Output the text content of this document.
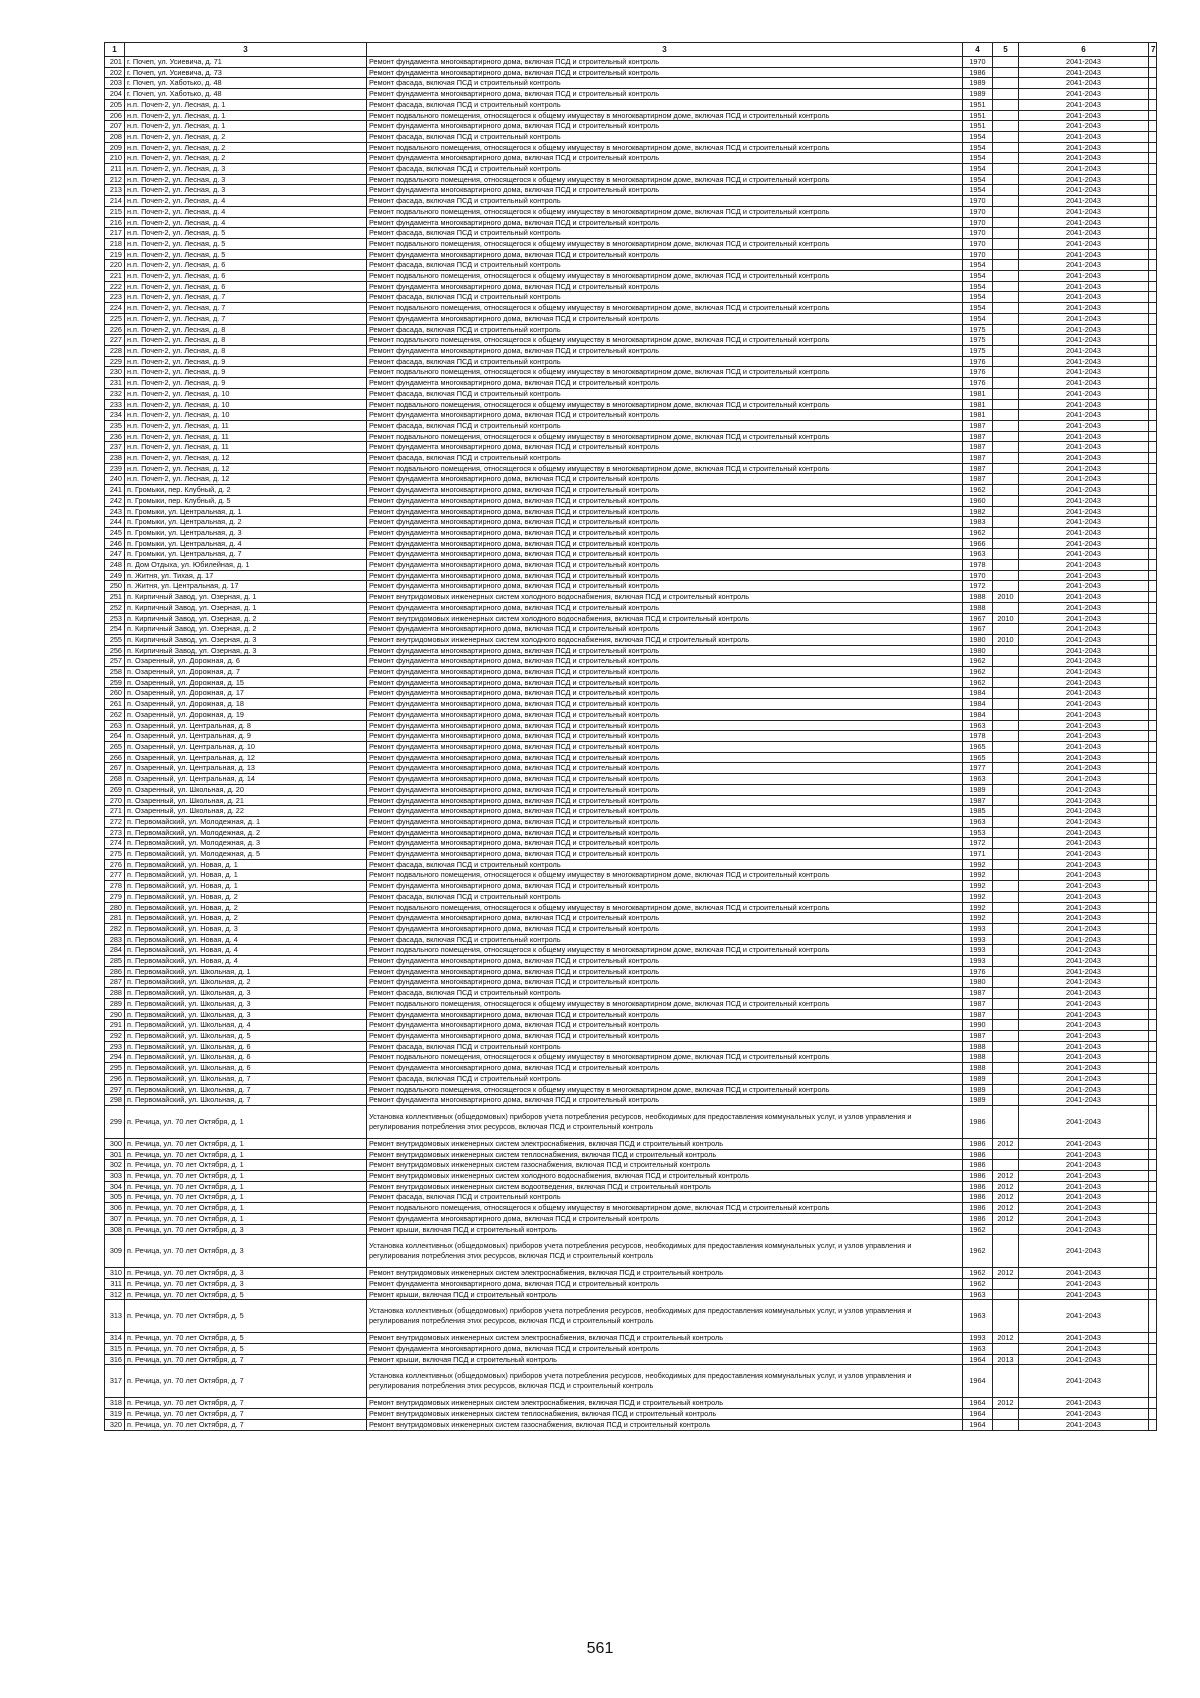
1	3	3	4	5	6	7
201	г. Почеп, ул. Усиевича, д. 71	Ремонт фундамента многоквартирного дома, включая ПСД и строительный контроль	1970		2041-2043	
202	г. Почеп, ул. Усиевича, д. 73	Ремонт фундамента многоквартирного дома, включая ПСД и строительный контроль	1986		2041-2043	
203	г. Почеп, ул. Хаботько, д. 48	Ремонт фасада, включая ПСД и строительный контроль	1989		2041-2043	
204	г. Почеп, ул. Хаботько, д. 48	Ремонт фундамента многоквартирного дома, включая ПСД и строительный контроль	1989		2041-2043	
205	н.п. Почеп-2, ул. Лесная, д. 1	Ремонт фасада, включая ПСД и строительный контроль	1951		2041-2043	
206	н.п. Почеп-2, ул. Лесная, д. 1	Ремонт подвального помещения, относящегося к общему имуществу в многоквартирном доме, включая ПСД и строительный контроль	1951		2041-2043	
207	н.п. Почеп-2, ул. Лесная, д. 1	Ремонт фундамента многоквартирного дома, включая ПСД и строительный контроль	1951		2041-2043	
208	н.п. Почеп-2, ул. Лесная, д. 2	Ремонт фасада, включая ПСД и строительный контроль	1954		2041-2043	
209	н.п. Почеп-2, ул. Лесная, д. 2	Ремонт подвального помещения, относящегося к общему имуществу в многоквартирном доме, включая ПСД и строительный контроль	1954		2041-2043	
210	н.п. Почеп-2, ул. Лесная, д. 2	Ремонт фундамента многоквартирного дома, включая ПСД и строительный контроль	1954		2041-2043	
211	н.п. Почеп-2, ул. Лесная, д. 3	Ремонт фасада, включая ПСД и строительный контроль	1954		2041-2043	
212	н.п. Почеп-2, ул. Лесная, д. 3	Ремонт подвального помещения, относящегося к общему имуществу в многоквартирном доме, включая ПСД и строительный контроль	1954		2041-2043	
213	н.п. Почеп-2, ул. Лесная, д. 3	Ремонт фундамента многоквартирного дома, включая ПСД и строительный контроль	1954		2041-2043	
214	н.п. Почеп-2, ул. Лесная, д. 4	Ремонт фасада, включая ПСД и строительный контроль	1970		2041-2043	
215	н.п. Почеп-2, ул. Лесная, д. 4	Ремонт подвального помещения, относящегося к общему имуществу в многоквартирном доме, включая ПСД и строительный контроль	1970		2041-2043	
216	н.п. Почеп-2, ул. Лесная, д. 4	Ремонт фундамента многоквартирного дома, включая ПСД и строительный контроль	1970		2041-2043	
217	н.п. Почеп-2, ул. Лесная, д. 5	Ремонт фасада, включая ПСД и строительный контроль	1970		2041-2043	
218	н.п. Почеп-2, ул. Лесная, д. 5	Ремонт подвального помещения, относящегося к общему имуществу в многоквартирном доме, включая ПСД и строительный контроль	1970		2041-2043	
219	н.п. Почеп-2, ул. Лесная, д. 5	Ремонт фундамента многоквартирного дома, включая ПСД и строительный контроль	1970		2041-2043	
220	н.п. Почеп-2, ул. Лесная, д. 6	Ремонт фасада, включая ПСД и строительный контроль	1954		2041-2043	
221	н.п. Почеп-2, ул. Лесная, д. 6	Ремонт подвального помещения, относящегося к общему имуществу в многоквартирном доме, включая ПСД и строительный контроль	1954		2041-2043	
222	н.п. Почеп-2, ул. Лесная, д. 6	Ремонт фундамента многоквартирного дома, включая ПСД и строительный контроль	1954		2041-2043	
223	н.п. Почеп-2, ул. Лесная, д. 7	Ремонт фасада, включая ПСД и строительный контроль	1954		2041-2043	
224	н.п. Почеп-2, ул. Лесная, д. 7	Ремонт подвального помещения, относящегося к общему имуществу в многоквартирном доме, включая ПСД и строительный контроль	1954		2041-2043	
225	н.п. Почеп-2, ул. Лесная, д. 7	Ремонт фундамента многоквартирного дома, включая ПСД и строительный контроль	1954		2041-2043	
226	н.п. Почеп-2, ул. Лесная, д. 8	Ремонт фасада, включая ПСД и строительный контроль	1975		2041-2043	
227	н.п. Почеп-2, ул. Лесная, д. 8	Ремонт подвального помещения, относящегося к общему имуществу в многоквартирном доме, включая ПСД и строительный контроль	1975		2041-2043	
228	н.п. Почеп-2, ул. Лесная, д. 8	Ремонт фундамента многоквартирного дома, включая ПСД и строительный контроль	1975		2041-2043	
229	н.п. Почеп-2, ул. Лесная, д. 9	Ремонт фасада, включая ПСД и строительный контроль	1976		2041-2043	
230	н.п. Почеп-2, ул. Лесная, д. 9	Ремонт подвального помещения, относящегося к общему имуществу в многоквартирном доме, включая ПСД и строительный контроль	1976		2041-2043	
231	н.п. Почеп-2, ул. Лесная, д. 9	Ремонт фундамента многоквартирного дома, включая ПСД и строительный контроль	1976		2041-2043	
232	н.п. Почеп-2, ул. Лесная, д. 10	Ремонт фасада, включая ПСД и строительный контроль	1981		2041-2043	
233	н.п. Почеп-2, ул. Лесная, д. 10	Ремонт подвального помещения, относящегося к общему имуществу в многоквартирном доме, включая ПСД и строительный контроль	1981		2041-2043	
234	н.п. Почеп-2, ул. Лесная, д. 10	Ремонт фундамента многоквартирного дома, включая ПСД и строительный контроль	1981		2041-2043	
235	н.п. Почеп-2, ул. Лесная, д. 11	Ремонт фасада, включая ПСД и строительный контроль	1987		2041-2043	
236	н.п. Почеп-2, ул. Лесная, д. 11	Ремонт подвального помещения, относящегося к общему имуществу в многоквартирном доме, включая ПСД и строительный контроль	1987		2041-2043	
237	н.п. Почеп-2, ул. Лесная, д. 11	Ремонт фундамента многоквартирного дома, включая ПСД и строительный контроль	1987		2041-2043	
238	н.п. Почеп-2, ул. Лесная, д. 12	Ремонт фасада, включая ПСД и строительный контроль	1987		2041-2043	
239	н.п. Почеп-2, ул. Лесная, д. 12	Ремонт подвального помещения, относящегося к общему имуществу в многоквартирном доме, включая ПСД и строительный контроль	1987		2041-2043	
240	н.п. Почеп-2, ул. Лесная, д. 12	Ремонт фундамента многоквартирного дома, включая ПСД и строительный контроль	1987		2041-2043	
241	п. Громыки, пер. Клубный, д. 2	Ремонт фундамента многоквартирного дома, включая ПСД и строительный контроль	1962		2041-2043	
242	п. Громыки, пер. Клубный, д. 5	Ремонт фундамента многоквартирного дома, включая ПСД и строительный контроль	1960		2041-2043	
243	п. Громыки, ул. Центральная, д. 1	Ремонт фундамента многоквартирного дома, включая ПСД и строительный контроль	1982		2041-2043	
244	п. Громыки, ул. Центральная, д. 2	Ремонт фундамента многоквартирного дома, включая ПСД и строительный контроль	1983		2041-2043	
245	п. Громыки, ул. Центральная, д. 3	Ремонт фундамента многоквартирного дома, включая ПСД и строительный контроль	1962		2041-2043	
246	п. Громыки, ул. Центральная, д. 4	Ремонт фундамента многоквартирного дома, включая ПСД и строительный контроль	1966		2041-2043	
247	п. Громыки, ул. Центральная, д. 7	Ремонт фундамента многоквартирного дома, включая ПСД и строительный контроль	1963		2041-2043	
248	п. Дом Отдыха, ул. Юбилейная, д. 1	Ремонт фундамента многоквартирного дома, включая ПСД и строительный контроль	1978		2041-2043	
249	п. Житня, ул. Тихая, д. 17	Ремонт фундамента многоквартирного дома, включая ПСД и строительный контроль	1970		2041-2043	
250	п. Житня, ул. Центральная, д. 17	Ремонт фундамента многоквартирного дома, включая ПСД и строительный контроль	1972		2041-2043	
251	п. Кирпичный Завод, ул. Озерная, д. 1	Ремонт внутридомовых инженерных систем холодного водоснабжения, включая ПСД и строительный контроль	1988	2010	2041-2043	
252	п. Кирпичный Завод, ул. Озерная, д. 1	Ремонт фундамента многоквартирного дома, включая ПСД и строительный контроль	1988		2041-2043	
253	п. Кирпичный Завод, ул. Озерная, д. 2	Ремонт внутридомовых инженерных систем холодного водоснабжения, включая ПСД и строительный контроль	1967	2010	2041-2043	
254	п. Кирпичный Завод, ул. Озерная, д. 2	Ремонт фундамента многоквартирного дома, включая ПСД и строительный контроль	1967		2041-2043	
255	п. Кирпичный Завод, ул. Озерная, д. 3	Ремонт внутридомовых инженерных систем холодного водоснабжения, включая ПСД и строительный контроль	1980	2010	2041-2043	
256	п. Кирпичный Завод, ул. Озерная, д. 3	Ремонт фундамента многоквартирного дома, включая ПСД и строительный контроль	1980		2041-2043	
257	п. Озаренный, ул. Дорожная, д. 6	Ремонт фундамента многоквартирного дома, включая ПСД и строительный контроль	1962		2041-2043	
258	п. Озаренный, ул. Дорожная, д. 7	Ремонт фундамента многоквартирного дома, включая ПСД и строительный контроль	1962		2041-2043	
259	п. Озаренный, ул. Дорожная, д. 15	Ремонт фундамента многоквартирного дома, включая ПСД и строительный контроль	1962		2041-2043	
260	п. Озаренный, ул. Дорожная, д. 17	Ремонт фундамента многоквартирного дома, включая ПСД и строительный контроль	1984		2041-2043	
261	п. Озаренный, ул. Дорожная, д. 18	Ремонт фундамента многоквартирного дома, включая ПСД и строительный контроль	1984		2041-2043	
262	п. Озаренный, ул. Дорожная, д. 19	Ремонт фундамента многоквартирного дома, включая ПСД и строительный контроль	1984		2041-2043	
263	п. Озаренный, ул. Центральная, д. 8	Ремонт фундамента многоквартирного дома, включая ПСД и строительный контроль	1963		2041-2043	
264	п. Озаренный, ул. Центральная, д. 9	Ремонт фундамента многоквартирного дома, включая ПСД и строительный контроль	1978		2041-2043	
265	п. Озаренный, ул. Центральная, д. 10	Ремонт фундамента многоквартирного дома, включая ПСД и строительный контроль	1965		2041-2043	
266	п. Озаренный, ул. Центральная, д. 12	Ремонт фундамента многоквартирного дома, включая ПСД и строительный контроль	1965		2041-2043	
267	п. Озаренный, ул. Центральная, д. 13	Ремонт фундамента многоквартирного дома, включая ПСД и строительный контроль	1977		2041-2043	
268	п. Озаренный, ул. Центральная, д. 14	Ремонт фундамента многоквартирного дома, включая ПСД и строительный контроль	1963		2041-2043	
269	п. Озаренный, ул. Школьная, д. 20	Ремонт фундамента многоквартирного дома, включая ПСД и строительный контроль	1989		2041-2043	
270	п. Озаренный, ул. Школьная, д. 21	Ремонт фундамента многоквартирного дома, включая ПСД и строительный контроль	1987		2041-2043	
271	п. Озаренный, ул. Школьная, д. 22	Ремонт фундамента многоквартирного дома, включая ПСД и строительный контроль	1985		2041-2043	
272	п. Первомайский, ул. Молодежная, д. 1	Ремонт фундамента многоквартирного дома, включая ПСД и строительный контроль	1963		2041-2043	
273	п. Первомайский, ул. Молодежная, д. 2	Ремонт фундамента многоквартирного дома, включая ПСД и строительный контроль	1953		2041-2043	
274	п. Первомайский, ул. Молодежная, д. 3	Ремонт фундамента многоквартирного дома, включая ПСД и строительный контроль	1972		2041-2043	
275	п. Первомайский, ул. Молодежная, д. 5	Ремонт фундамента многоквартирного дома, включая ПСД и строительный контроль	1971		2041-2043	
276	п. Первомайский, ул. Новая, д. 1	Ремонт фасада, включая ПСД и строительный контроль	1992		2041-2043	
277	п. Первомайский, ул. Новая, д. 1	Ремонт подвального помещения, относящегося к общему имуществу в многоквартирном доме, включая ПСД и строительный контроль	1992		2041-2043	
278	п. Первомайский, ул. Новая, д. 1	Ремонт фундамента многоквартирного дома, включая ПСД и строительный контроль	1992		2041-2043	
279	п. Первомайский, ул. Новая, д. 2	Ремонт фасада, включая ПСД и строительный контроль	1992		2041-2043	
280	п. Первомайский, ул. Новая, д. 2	Ремонт подвального помещения, относящегося к общему имуществу в многоквартирном доме, включая ПСД и строительный контроль	1992		2041-2043	
281	п. Первомайский, ул. Новая, д. 2	Ремонт фундамента многоквартирного дома, включая ПСД и строительный контроль	1992		2041-2043	
282	п. Первомайский, ул. Новая, д. 3	Ремонт фундамента многоквартирного дома, включая ПСД и строительный контроль	1993		2041-2043	
283	п. Первомайский, ул. Новая, д. 4	Ремонт фасада, включая ПСД и строительный контроль	1993		2041-2043	
284	п. Первомайский, ул. Новая, д. 4	Ремонт подвального помещения, относящегося к общему имуществу в многоквартирном доме, включая ПСД и строительный контроль	1993		2041-2043	
285	п. Первомайский, ул. Новая, д. 4	Ремонт фундамента многоквартирного дома, включая ПСД и строительный контроль	1993		2041-2043	
286	п. Первомайский, ул. Школьная, д. 1	Ремонт фундамента многоквартирного дома, включая ПСД и строительный контроль	1976		2041-2043	
287	п. Первомайский, ул. Школьная, д. 2	Ремонт фундамента многоквартирного дома, включая ПСД и строительный контроль	1980		2041-2043	
288	п. Первомайский, ул. Школьная, д. 3	Ремонт фасада, включая ПСД и строительный контроль	1987		2041-2043	
289	п. Первомайский, ул. Школьная, д. 3	Ремонт подвального помещения, относящегося к общему имуществу в многоквартирном доме, включая ПСД и строительный контроль	1987		2041-2043	
290	п. Первомайский, ул. Школьная, д. 3	Ремонт фундамента многоквартирного дома, включая ПСД и строительный контроль	1987		2041-2043	
291	п. Первомайский, ул. Школьная, д. 4	Ремонт фундамента многоквартирного дома, включая ПСД и строительный контроль	1990		2041-2043	
292	п. Первомайский, ул. Школьная, д. 5	Ремонт фундамента многоквартирного дома, включая ПСД и строительный контроль	1987		2041-2043	
293	п. Первомайский, ул. Школьная, д. 6	Ремонт фасада, включая ПСД и строительный контроль	1988		2041-2043	
294	п. Первомайский, ул. Школьная, д. 6	Ремонт подвального помещения, относящегося к общему имуществу в многоквартирном доме, включая ПСД и строительный контроль	1988		2041-2043	
295	п. Первомайский, ул. Школьная, д. 6	Ремонт фундамента многоквартирного дома, включая ПСД и строительный контроль	1988		2041-2043	
296	п. Первомайский, ул. Школьная, д. 7	Ремонт фасада, включая ПСД и строительный контроль	1989		2041-2043	
297	п. Первомайский, ул. Школьная, д. 7	Ремонт подвального помещения, относящегося к общему имуществу в многоквартирном доме, включая ПСД и строительный контроль	1989		2041-2043	
298	п. Первомайский, ул. Школьная, д. 7	Ремонт фундамента многоквартирного дома, включая ПСД и строительный контроль	1989		2041-2043	
299	п. Речица, ул. 70 лет Октября, д. 1	Установка коллективных (общедомовых) приборов учета потребления ресурсов, необходимых для предоставления коммунальных услуг, и узлов управления и регулирования потребления этих ресурсов, включая ПСД и строительный контроль	1986		2041-2043	
300	п. Речица, ул. 70 лет Октября, д. 1	Ремонт внутридомовых инженерных систем электроснабжения, включая ПСД и строительный контроль	1986	2012	2041-2043	
301	п. Речица, ул. 70 лет Октября, д. 1	Ремонт внутридомовых инженерных систем теплоснабжения, включая ПСД и строительный контроль	1986		2041-2043	
302	п. Речица, ул. 70 лет Октября, д. 1	Ремонт внутридомовых инженерных систем газоснабжения, включая ПСД и строительный контроль	1986		2041-2043	
303	п. Речица, ул. 70 лет Октября, д. 1	Ремонт внутридомовых инженерных систем холодного водоснабжения, включая ПСД и строительный контроль	1986	2012	2041-2043	
304	п. Речица, ул. 70 лет Октября, д. 1	Ремонт внутридомовых инженерных систем водоотведения, включая ПСД и строительный контроль	1986	2012	2041-2043	
305	п. Речица, ул. 70 лет Октября, д. 1	Ремонт фасада, включая ПСД и строительный контроль	1986	2012	2041-2043	
306	п. Речица, ул. 70 лет Октября, д. 1	Ремонт подвального помещения, относящегося к общему имуществу в многоквартирном доме, включая ПСД и строительный контроль	1986	2012	2041-2043	
307	п. Речица, ул. 70 лет Октября, д. 1	Ремонт фундамента многоквартирного дома, включая ПСД и строительный контроль	1986	2012	2041-2043	
308	п. Речица, ул. 70 лет Октября, д. 3	Ремонт крыши, включая ПСД и строительный контроль	1962		2041-2043	
309	п. Речица, ул. 70 лет Октября, д. 3	Установка коллективных (общедомовых) приборов учета потребления ресурсов, необходимых для предоставления коммунальных услуг, и узлов управления и регулирования потребления этих ресурсов, включая ПСД и строительный контроль	1962		2041-2043	
310	п. Речица, ул. 70 лет Октября, д. 3	Ремонт внутридомовых инженерных систем электроснабжения, включая ПСД и строительный контроль	1962	2012	2041-2043	
311	п. Речица, ул. 70 лет Октября, д. 3	Ремонт фундамента многоквартирного дома, включая ПСД и строительный контроль	1962		2041-2043	
312	п. Речица, ул. 70 лет Октября, д. 5	Ремонт крыши, включая ПСД и строительный контроль	1963		2041-2043	
313	п. Речица, ул. 70 лет Октября, д. 5	Установка коллективных (общедомовых) приборов учета потребления ресурсов, необходимых для предоставления коммунальных услуг, и узлов управления и регулирования потребления этих ресурсов, включая ПСД и строительный контроль	1963		2041-2043	
314	п. Речица, ул. 70 лет Октября, д. 5	Ремонт внутридомовых инженерных систем электроснабжения, включая ПСД и строительный контроль	1993	2012	2041-2043	
315	п. Речица, ул. 70 лет Октября, д. 5	Ремонт фундамента многоквартирного дома, включая ПСД и строительный контроль	1963		2041-2043	
316	п. Речица, ул. 70 лет Октября, д. 7	Ремонт крыши, включая ПСД и строительный контроль	1964	2013	2041-2043	
317	п. Речица, ул. 70 лет Октября, д. 7	Установка коллективных (общедомовых) приборов учета потребления ресурсов, необходимых для предоставления коммунальных услуг, и узлов управления и регулирования потребления этих ресурсов, включая ПСД и строительный контроль	1964		2041-2043	
318	п. Речица, ул. 70 лет Октября, д. 7	Ремонт внутридомовых инженерных систем электроснабжения, включая ПСД и строительный контроль	1964	2012	2041-2043	
319	п. Речица, ул. 70 лет Октября, д. 7	Ремонт внутридомовых инженерных систем теплоснабжения, включая ПСД и строительный контроль	1964		2041-2043	
320	п. Речица, ул. 70 лет Октября, д. 7	Ремонт внутридомовых инженерных систем газоснабжения, включая ПСД и строительный контроль	1964		2041-2043	
561
